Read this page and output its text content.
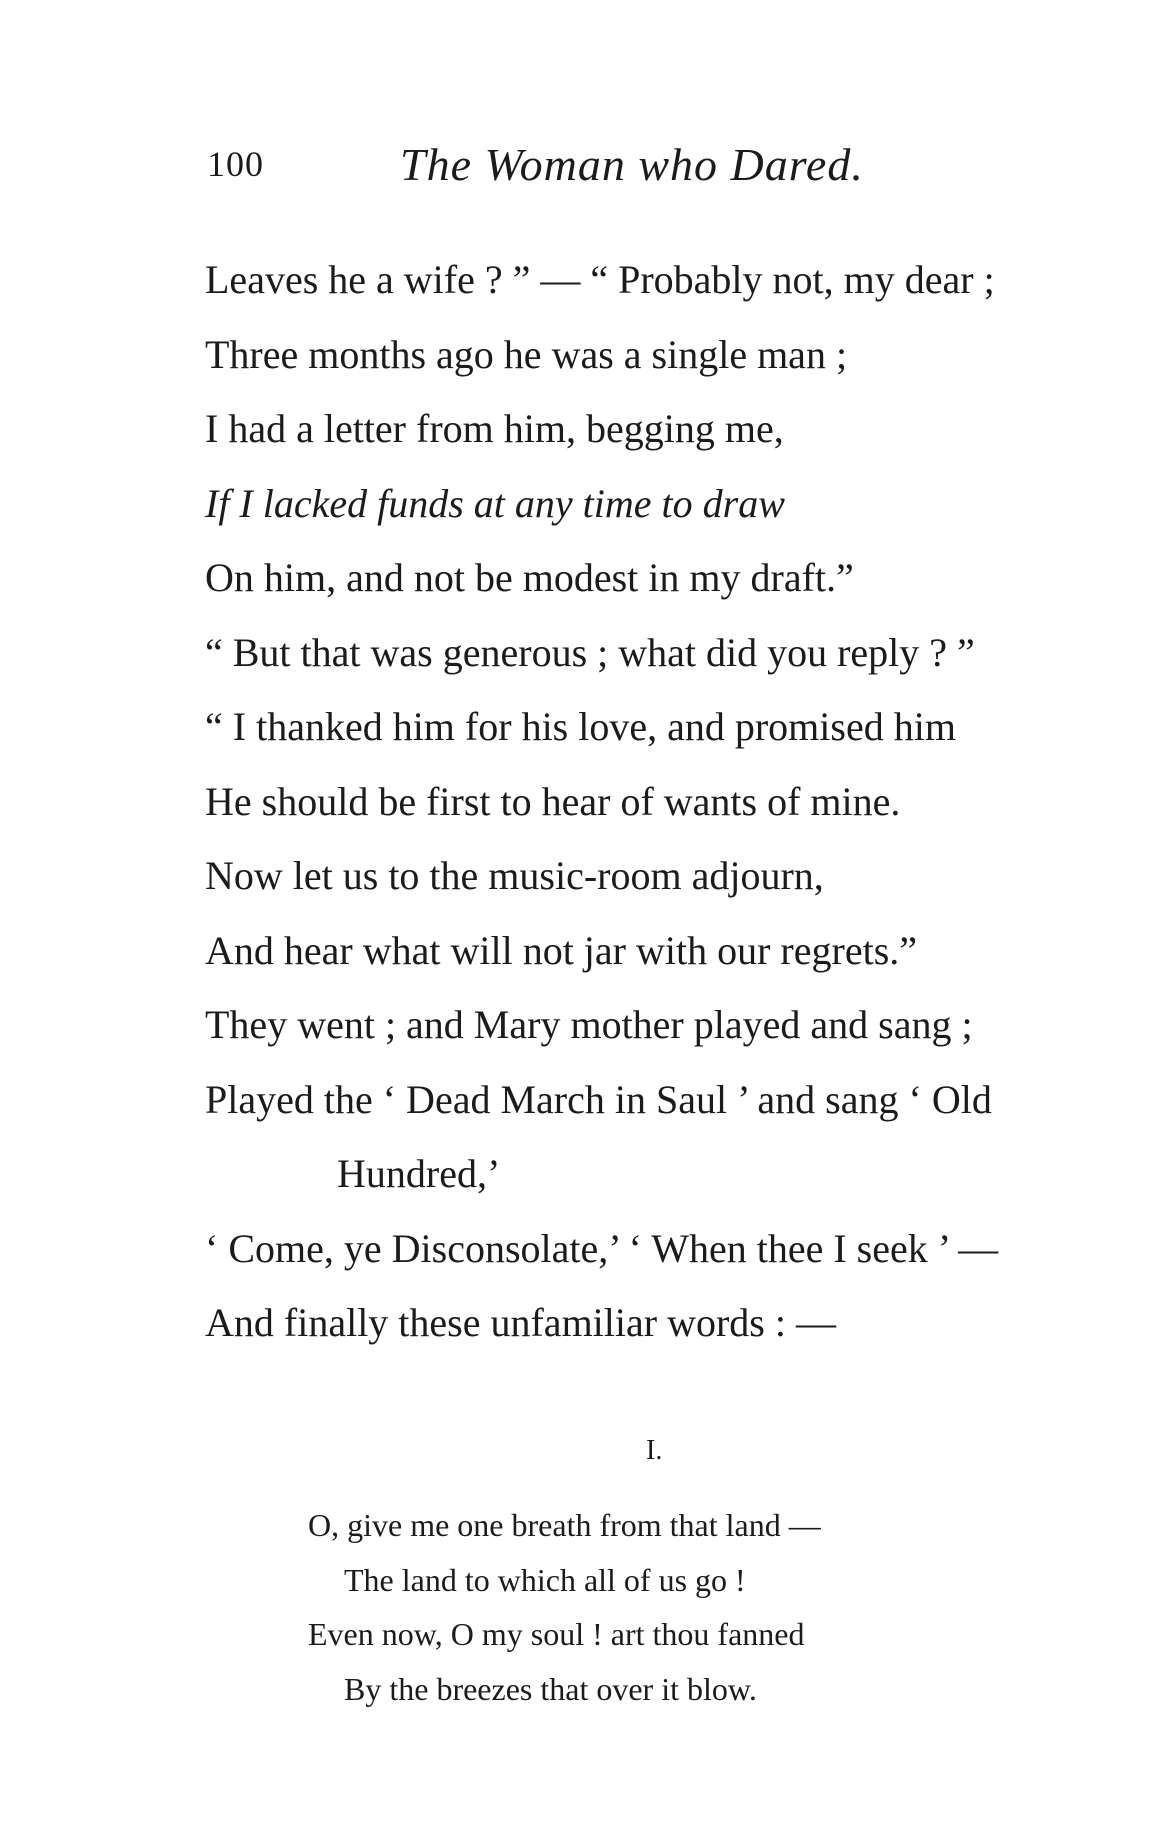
100	The Woman who Dared.
Leaves he a wife ? ” — “ Probably not, my dear ;
Three months ago he was a single man ;
I had a letter from him, begging me,
If I lacked funds at any time to draw
On him, and not be modest in my draft.”
“ But that was generous ; what did you reply ? ”
“ I thanked him for his love, and promised him
He should be first to hear of wants of mine.
Now let us to the music-room adjourn,
And hear what will not jar with our regrets.”
They went ; and Mary mother played and sang ;
Played the ‘ Dead March in Saul ’ and sang ‘ Old
Hundred,’
‘ Come, ye Disconsolate,’ ‘ When thee I seek ’ —
And finally these unfamiliar words : —
I.
O, give me one breath from that land —
The land to which all of us go !
Even now, O my soul ! art thou fanned
By the breezes that over it blow.
